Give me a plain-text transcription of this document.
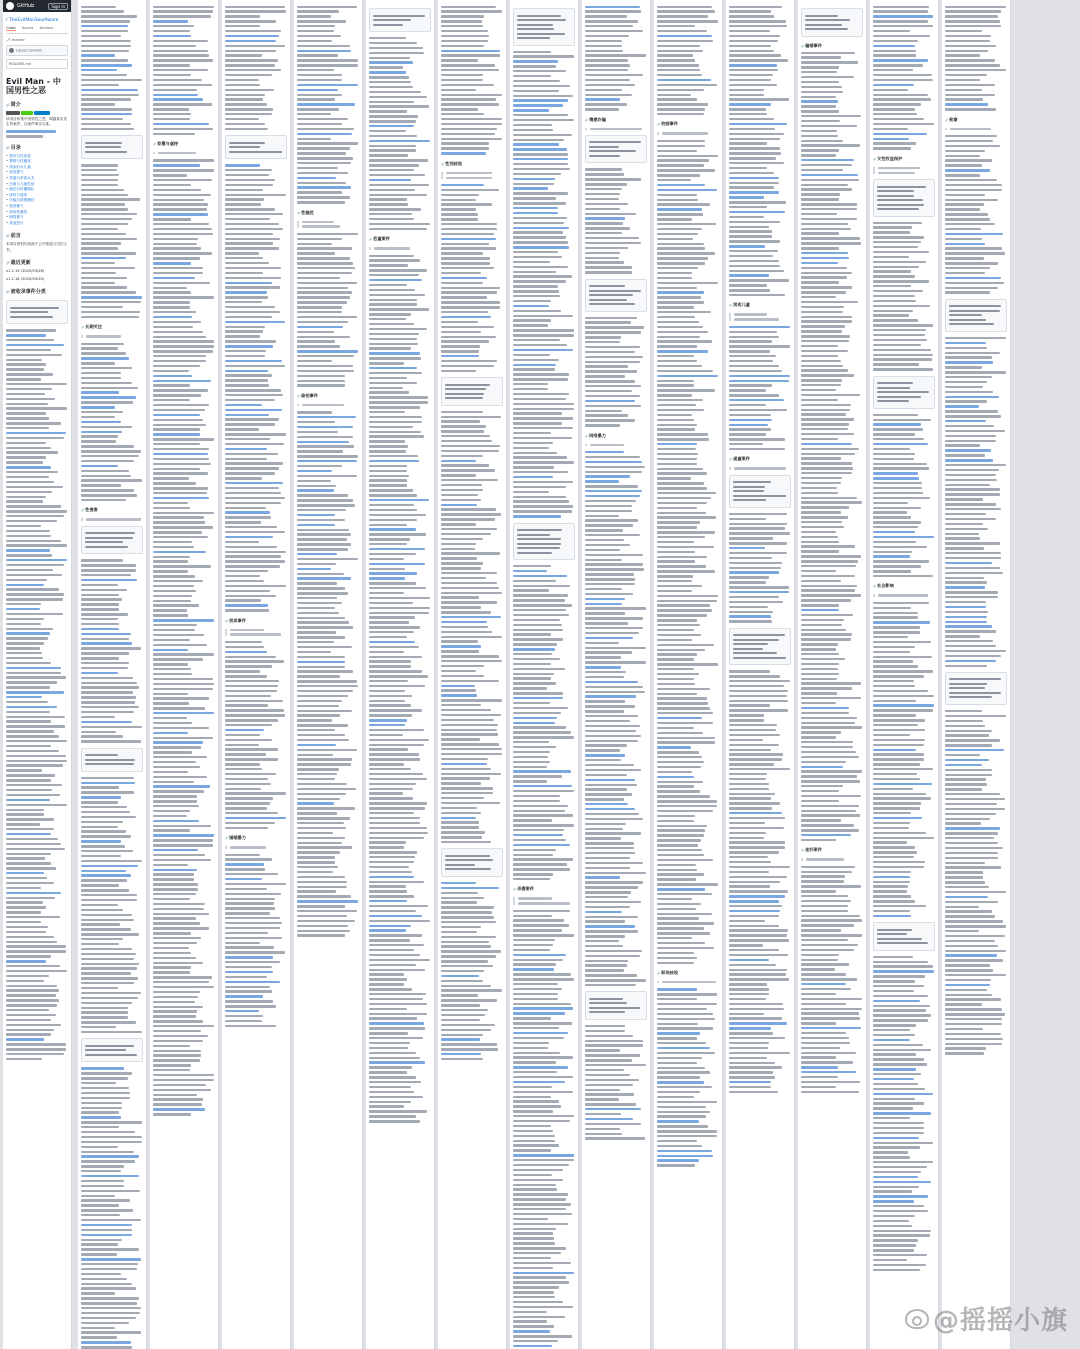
GitHub	Sign in
/ TheEvilManSoulAware
Code Issues Actions
⎇ master
Latest commit
README.md
Evil Man - 中国男性之恶
🔗 简介
该项目收集中国男性之恶，揭露真实发生的案件，以案件事实为准。
🔗 目录
• 强奸与性侵害
• 猥亵与性骚扰
• 拐卖妇女儿童
• 家庭暴力
• 杀妻与杀害女友
• 恋童与儿童性侵
• 偷拍与传播隐私
• 虐待与遗弃
• 诈骗与情感操控
• 校园暴力
• 职场性骚扰
• 网络暴力
• 其他恶行
🔗 前言
本项目资料均来源于公开报道与司法文书。
🔗 最近更新
v1.2.19 (2020/03/26)
v1.2.18 (2020/03/20)
🔗 被收录事件分类
🔗 长期关注
🔗 性侵害
🔗 家暴与虐待
🔗 拐卖事件
🔗 婚姻暴力
🔗 性骚扰
🔗 偷拍事件
🔗 恋童案件
🔗 性别歧视
🔗 杀妻案件
🔗 情感诈骗
🔗 网络暴力
🔗 校园事件
🔗 职场歧视
🔗 拐卖儿童
🔗 虐童案件
🔗 骗婚事件
🔗 迷奸案件
🔗 女性权益保护
🔗 社会影响
🔗 致谢
@摇摇小旗
